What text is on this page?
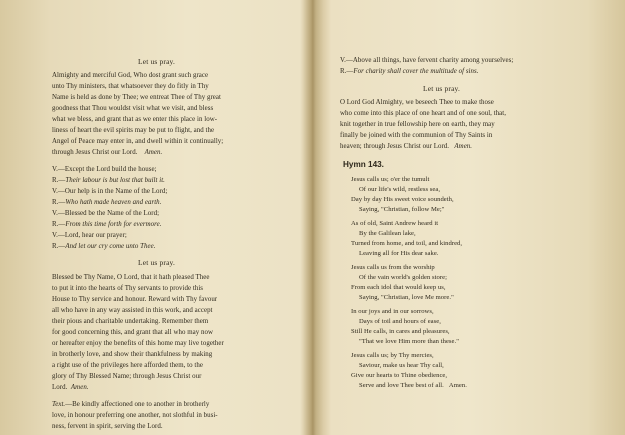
Let us pray.
Almighty and merciful God, Who dost grant such grace
unto Thy ministers, that whatsoever they do fitly in Thy
Name is held as done by Thee; we entreat Thee of Thy great
goodness that Thou wouldst visit what we visit, and bless
what we bless, and grant that as we enter this place in low-
liness of heart the evil spirits may be put to flight, and the
Angel of Peace may enter in, and dwell within it continually;
through Jesus Christ our Lord. Amen.
V.—Except the Lord build the house;
R.—Their labour is but lost that built it.
V.—Our help is in the Name of the Lord;
R.—Who hath made heaven and earth.
V.—Blessed be the Name of the Lord;
R.—From this time forth for evermore.
V.—Lord, hear our prayer;
R.—And let our cry come unto Thee.
Let us pray.
Blessed be Thy Name, O Lord, that it hath pleased Thee
to put it into the hearts of Thy servants to provide this
House to Thy service and honour. Reward with Thy favour
all who have in any way assisted in this work, and accept
their pious and charitable undertaking. Remember them
for good concerning this, and grant that all who may now
or hereafter enjoy the benefits of this home may live together
in brotherly love, and show their thankfulness by making
a right use of the privileges here afforded them, to the
glory of Thy Blessed Name; through Jesus Christ our
Lord. Amen.
Text.—Be kindly affectioned one to another in brotherly
love, in honour preferring one another, not slothful in busi-
ness, fervent in spirit, serving the Lord.
V.—Above all things, have fervent charity among yourselves;
R.—For charity shall cover the multitude of sins.
Let us pray.
O Lord God Almighty, we beseech Thee to make those
who come into this place of one heart and of one soul, that,
knit together in true fellowship here on earth, they may
finally be joined with the communion of Thy Saints in
heaven; through Jesus Christ our Lord. Amen.
Hymn 143.
Jesus calls us; o'er the tumult
Of our life's wild, restless sea,
Day by day His sweet voice soundeth,
Saying, "Christian, follow Me;"
As of old, Saint Andrew heard it
By the Galilean lake,
Turned from home, and toil, and kindred,
Leaving all for His dear sake.
Jesus calls us from the worship
Of the vain world's golden store;
From each idol that would keep us,
Saying, "Christian, love Me more."
In our joys and in our sorrows,
Days of toil and hours of ease,
Still He calls, in cares and pleasures,
"That we love Him more than these."
Jesus calls us; by Thy mercies,
Saviour, make us hear Thy call,
Give our hearts to Thine obedience,
Serve and love Thee best of all. Amen.
